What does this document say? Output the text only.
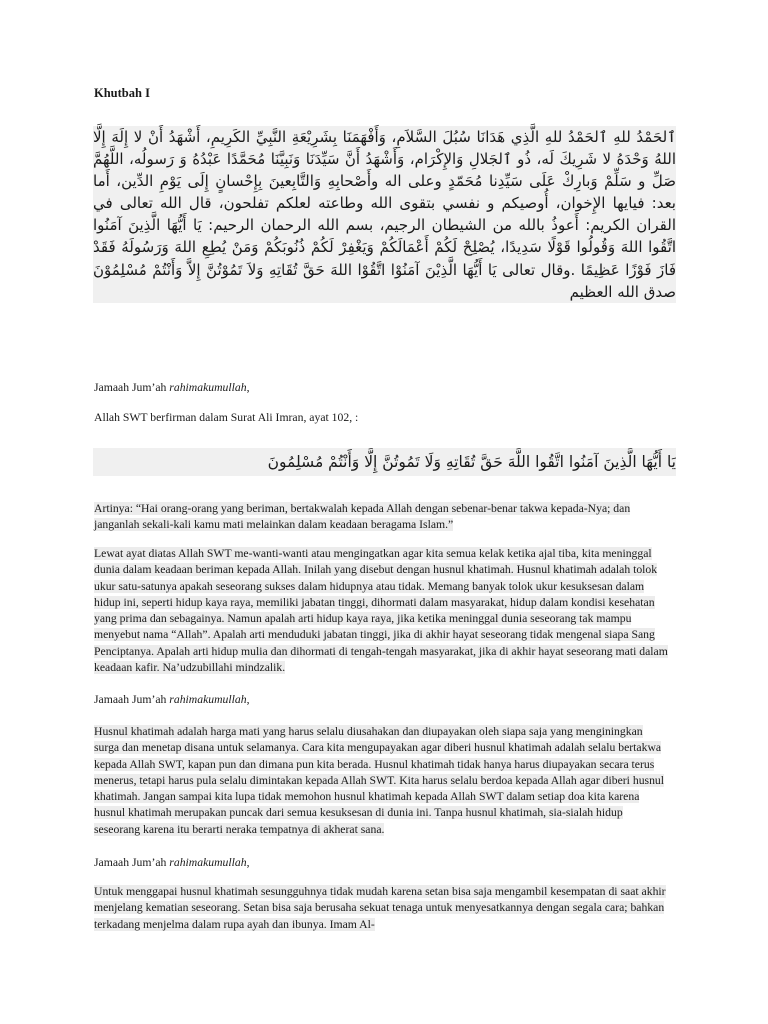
Khutbah I
ٱلحَمْدُ للهِ ٱلحَمْدُ للهِ الَّذِي هَدَانَا سُبُلَ السَّلاَمِ، وَأَفْهَمَنَا بِشَرِيْعَةِ النَّبِيِّ الكَرِيمِ، أَشْهَدُ أَنْ لا إِلَهَ إِلَّا اللهُ وَحْدَهُ لا شَرِيكَ لَه، ذُو ٱلجَلالِ وَالإِكْرَام، وَأَشْهَدُ أَنَّ سَيِّدَنَا وَنَبِيَّنَا مُحَمَّدًا عَبْدُهُ وَ رَسولُه، اللَّهُمَّ صَلِّ و سَلِّمْ وَبارِكْ عَلَى سَيِّدِنا مُحَمّدٍ وعلى اله وأَصْحابِهِ وَالتَّابِعينَ بِإِحْسانٍ إِلَى يَوْمِ الدِّين، أَما بعد: فيايها الإِخوان، أُوصيكم و نفسي بتقوى الله وطاعته لعلكم تفلحون، قال الله تعالى في القران الكريم: أَعوذُ بالله من الشيطان الرجيم، بسم الله الرحمان الرحيم: يَا أَيُّهَا الَّذِينَ آمَنُوا اتَّقُوا اللهَ وَقُولُوا قَوْلًا سَدِيدًا، يُصْلِحْ لَكُمْ أَعْمَالَكُمْ وَيَغْفِرْ لَكُمْ ذُنُوبَكُمْ وَمَنْ يُطِعِ اللهَ وَرَسُولَهُ فَقَدْ فَازَ فَوْزًا عَظِيمًا .وقال تعالى يَا أَيُّهَا الَّذِيْنَ آمَنُوْا اتَّقُوْا اللهَ حَقَّ تُقَاتِهِ وَلاَ تَمُوْتُنَّ إِلاَّ وَأَنْتُمْ مُسْلِمُوْنَ صدق الله العظيم
Jamaah Jum’ah rahimakumullah,
Allah SWT berfirman dalam Surat Ali Imran, ayat 102, :
يَا أَيُّهَا الَّذِينَ آمَنُوا اتَّقُوا اللَّهَ حَقَّ تُقَاتِهِ وَلَا تَمُوتُنَّ إِلَّا وَأَنْتُمْ مُسْلِمُونَ
Artinya: “Hai orang-orang yang beriman, bertakwalah kepada Allah dengan sebenar-benar takwa kepada-Nya; dan janganlah sekali-kali kamu mati melainkan dalam keadaan beragama Islam.”
Lewat ayat diatas Allah SWT me-wanti-wanti atau mengingatkan agar kita semua kelak ketika ajal tiba, kita meninggal dunia dalam keadaan beriman kepada Allah. Inilah yang disebut dengan husnul khatimah. Husnul khatimah adalah tolok ukur satu-satunya apakah seseorang sukses dalam hidupnya atau tidak. Memang banyak tolok ukur kesuksesan dalam hidup ini, seperti hidup kaya raya, memiliki jabatan tinggi, dihormati dalam masyarakat, hidup dalam kondisi kesehatan yang prima dan sebagainya. Namun apalah arti hidup kaya raya, jika ketika meninggal dunia seseorang tak mampu menyebut nama “Allah”. Apalah arti menduduki jabatan tinggi, jika di akhir hayat seseorang tidak mengenal siapa Sang Penciptanya. Apalah arti hidup mulia dan dihormati di tengah-tengah masyarakat, jika di akhir hayat seseorang mati dalam keadaan kafir. Na’udzubillahi mindzalik.
Jamaah Jum’ah rahimakumullah,
Husnul khatimah adalah harga mati yang harus selalu diusahakan dan diupayakan oleh siapa saja yang menginingkan surga dan menetap disana untuk selamanya. Cara kita mengupayakan agar diberi husnul khatimah adalah selalu bertakwa kepada Allah SWT, kapan pun dan dimana pun kita berada. Husnul khatimah tidak hanya harus diupayakan secara terus menerus, tetapi harus pula selalu dimintakan kepada Allah SWT. Kita harus selalu berdoa kepada Allah agar diberi husnul khatimah. Jangan sampai kita lupa tidak memohon husnul khatimah kepada Allah SWT dalam setiap doa kita karena husnul khatimah merupakan puncak dari semua kesuksesan di dunia ini. Tanpa husnul khatimah, sia-sialah hidup seseorang karena itu berarti neraka tempatnya di akherat sana.
Jamaah Jum’ah rahimakumullah,
Untuk menggapai husnul khatimah sesungguhnya tidak mudah karena setan bisa saja mengambil kesempatan di saat akhir menjelang kematian seseorang. Setan bisa saja berusaha sekuat tenaga untuk menyesatkannya dengan segala cara; bahkan terkadang menjelma dalam rupa ayah dan ibunya. Imam Al-
